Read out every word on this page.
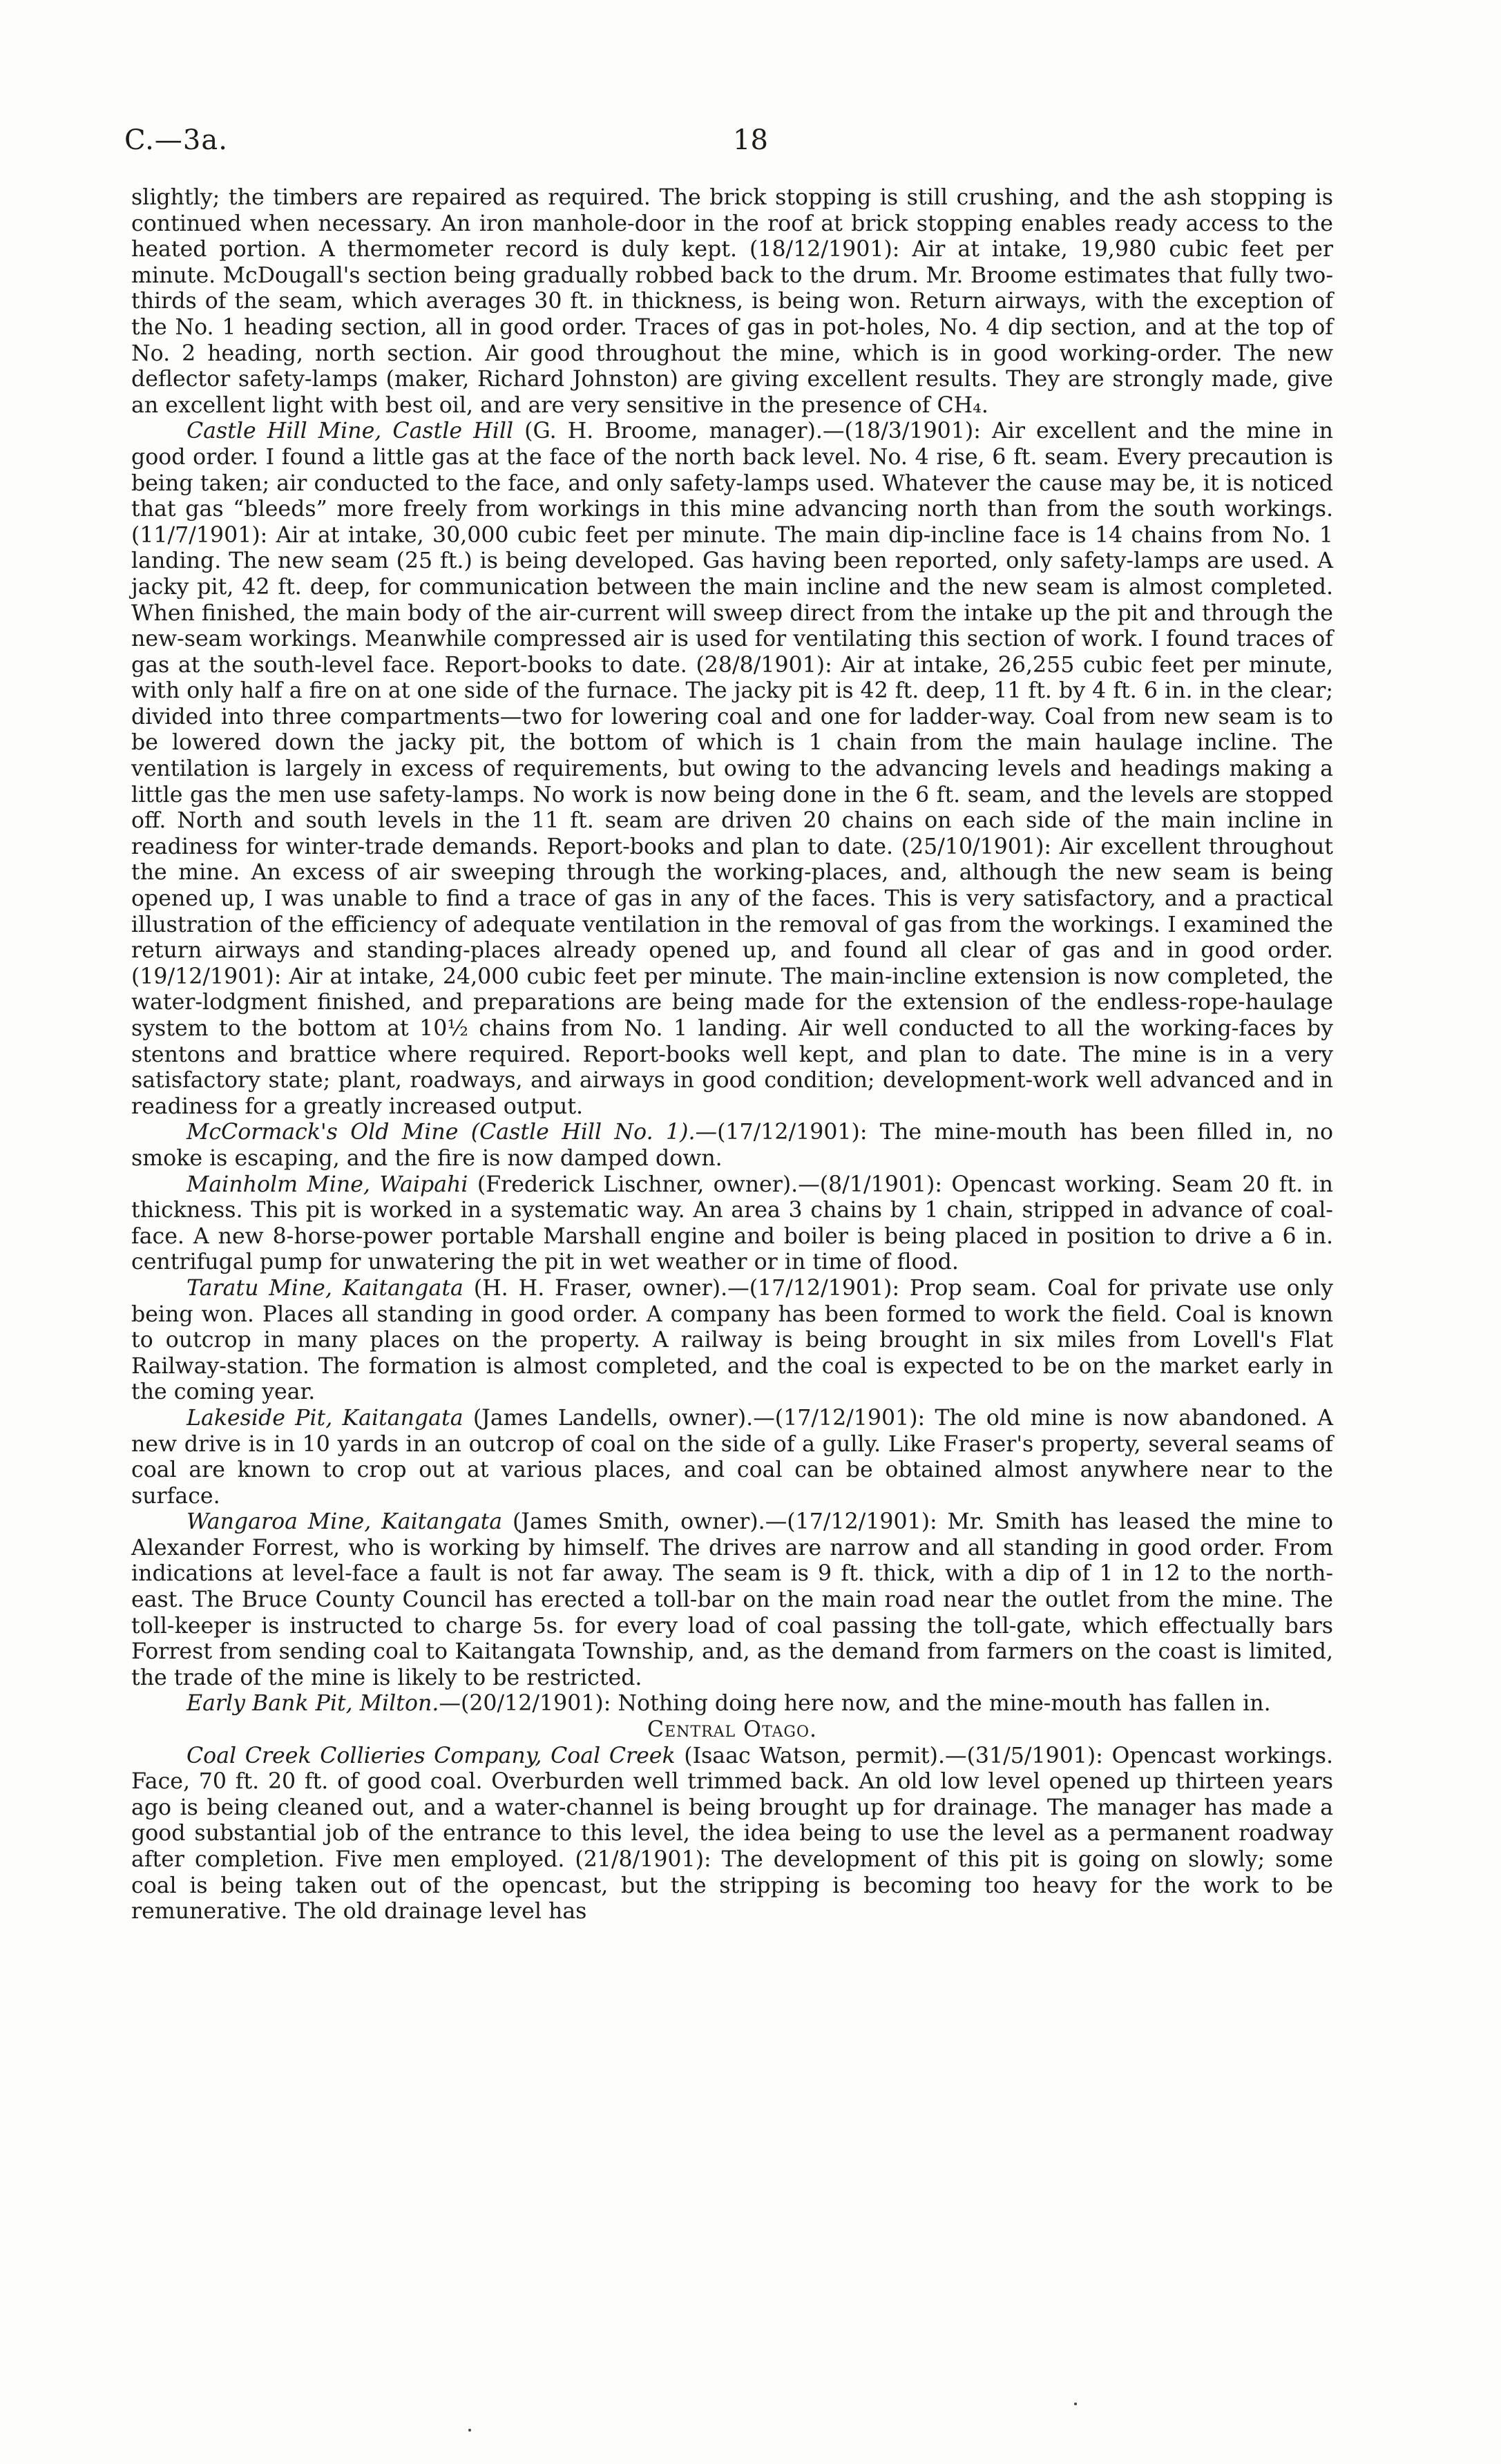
C.—3a.	18

slightly; the timbers are repaired as required. The brick stopping is still crushing, and the ash stopping is continued when necessary. An iron manhole-door in the roof at brick stopping enables ready access to the heated portion. A thermometer record is duly kept. (18/12/1901): Air at intake, 19,980 cubic feet per minute. McDougall's section being gradually robbed back to the drum. Mr. Broome estimates that fully two-thirds of the seam, which averages 30 ft. in thickness, is being won. Return airways, with the exception of the No. 1 heading section, all in good order. Traces of gas in pot-holes, No. 4 dip section, and at the top of No. 2 heading, north section. Air good throughout the mine, which is in good working-order. The new deflector safety-lamps (maker, Richard Johnston) are giving excellent results. They are strongly made, give an excellent light with best oil, and are very sensitive in the presence of CH₄.

Castle Hill Mine, Castle Hill (G. H. Broome, manager).—(18/3/1901): Air excellent and the mine in good order. I found a little gas at the face of the north back level. No. 4 rise, 6 ft. seam. Every precaution is being taken; air conducted to the face, and only safety-lamps used. Whatever the cause may be, it is noticed that gas “bleeds” more freely from workings in this mine advancing north than from the south workings. (11/7/1901): Air at intake, 30,000 cubic feet per minute. The main dip-incline face is 14 chains from No. 1 landing. The new seam (25 ft.) is being developed. Gas having been reported, only safety-lamps are used. A jacky pit, 42 ft. deep, for communication between the main incline and the new seam is almost completed. When finished, the main body of the air-current will sweep direct from the intake up the pit and through the new-seam workings. Meanwhile compressed air is used for ventilating this section of work. I found traces of gas at the south-level face. Report-books to date. (28/8/1901): Air at intake, 26,255 cubic feet per minute, with only half a fire on at one side of the furnace. The jacky pit is 42 ft. deep, 11 ft. by 4 ft. 6 in. in the clear; divided into three compartments—two for lowering coal and one for ladder-way. Coal from new seam is to be lowered down the jacky pit, the bottom of which is 1 chain from the main haulage incline. The ventilation is largely in excess of requirements, but owing to the advancing levels and headings making a little gas the men use safety-lamps. No work is now being done in the 6 ft. seam, and the levels are stopped off. North and south levels in the 11 ft. seam are driven 20 chains on each side of the main incline in readiness for winter-trade demands. Report-books and plan to date. (25/10/1901): Air excellent throughout the mine. An excess of air sweeping through the working-places, and, although the new seam is being opened up, I was unable to find a trace of gas in any of the faces. This is very satisfactory, and a practical illustration of the efficiency of adequate ventilation in the removal of gas from the workings. I examined the return airways and standing-places already opened up, and found all clear of gas and in good order. (19/12/1901): Air at intake, 24,000 cubic feet per minute. The main-incline extension is now completed, the water-lodgment finished, and preparations are being made for the extension of the endless-rope-haulage system to the bottom at 10½ chains from No. 1 landing. Air well conducted to all the working-faces by stentons and brattice where required. Report-books well kept, and plan to date. The mine is in a very satisfactory state; plant, roadways, and airways in good condition; development-work well advanced and in readiness for a greatly increased output.

McCormack's Old Mine (Castle Hill No. 1).—(17/12/1901): The mine-mouth has been filled in, no smoke is escaping, and the fire is now damped down.

Mainholm Mine, Waipahi (Frederick Lischner, owner).—(8/1/1901): Opencast working. Seam 20 ft. in thickness. This pit is worked in a systematic way. An area 3 chains by 1 chain, stripped in advance of coal-face. A new 8-horse-power portable Marshall engine and boiler is being placed in position to drive a 6 in. centrifugal pump for unwatering the pit in wet weather or in time of flood.

Taratu Mine, Kaitangata (H. H. Fraser, owner).—(17/12/1901): Prop seam. Coal for private use only being won. Places all standing in good order. A company has been formed to work the field. Coal is known to outcrop in many places on the property. A railway is being brought in six miles from Lovell's Flat Railway-station. The formation is almost completed, and the coal is expected to be on the market early in the coming year.

Lakeside Pit, Kaitangata (James Landells, owner).—(17/12/1901): The old mine is now abandoned. A new drive is in 10 yards in an outcrop of coal on the side of a gully. Like Fraser's property, several seams of coal are known to crop out at various places, and coal can be obtained almost anywhere near to the surface.

Wangaroa Mine, Kaitangata (James Smith, owner).—(17/12/1901): Mr. Smith has leased the mine to Alexander Forrest, who is working by himself. The drives are narrow and all standing in good order. From indications at level-face a fault is not far away. The seam is 9 ft. thick, with a dip of 1 in 12 to the north-east. The Bruce County Council has erected a toll-bar on the main road near the outlet from the mine. The toll-keeper is instructed to charge 5s. for every load of coal passing the toll-gate, which effectually bars Forrest from sending coal to Kaitangata Township, and, as the demand from farmers on the coast is limited, the trade of the mine is likely to be restricted.

Early Bank Pit, Milton.—(20/12/1901): Nothing doing here now, and the mine-mouth has fallen in.

Central Otago.

Coal Creek Collieries Company, Coal Creek (Isaac Watson, permit).—(31/5/1901): Opencast workings. Face, 70 ft. 20 ft. of good coal. Overburden well trimmed back. An old low level opened up thirteen years ago is being cleaned out, and a water-channel is being brought up for drainage. The manager has made a good substantial job of the entrance to this level, the idea being to use the level as a permanent roadway after completion. Five men employed. (21/8/1901): The development of this pit is going on slowly; some coal is being taken out of the opencast, but the stripping is becoming too heavy for the work to be remunerative. The old drainage level has
